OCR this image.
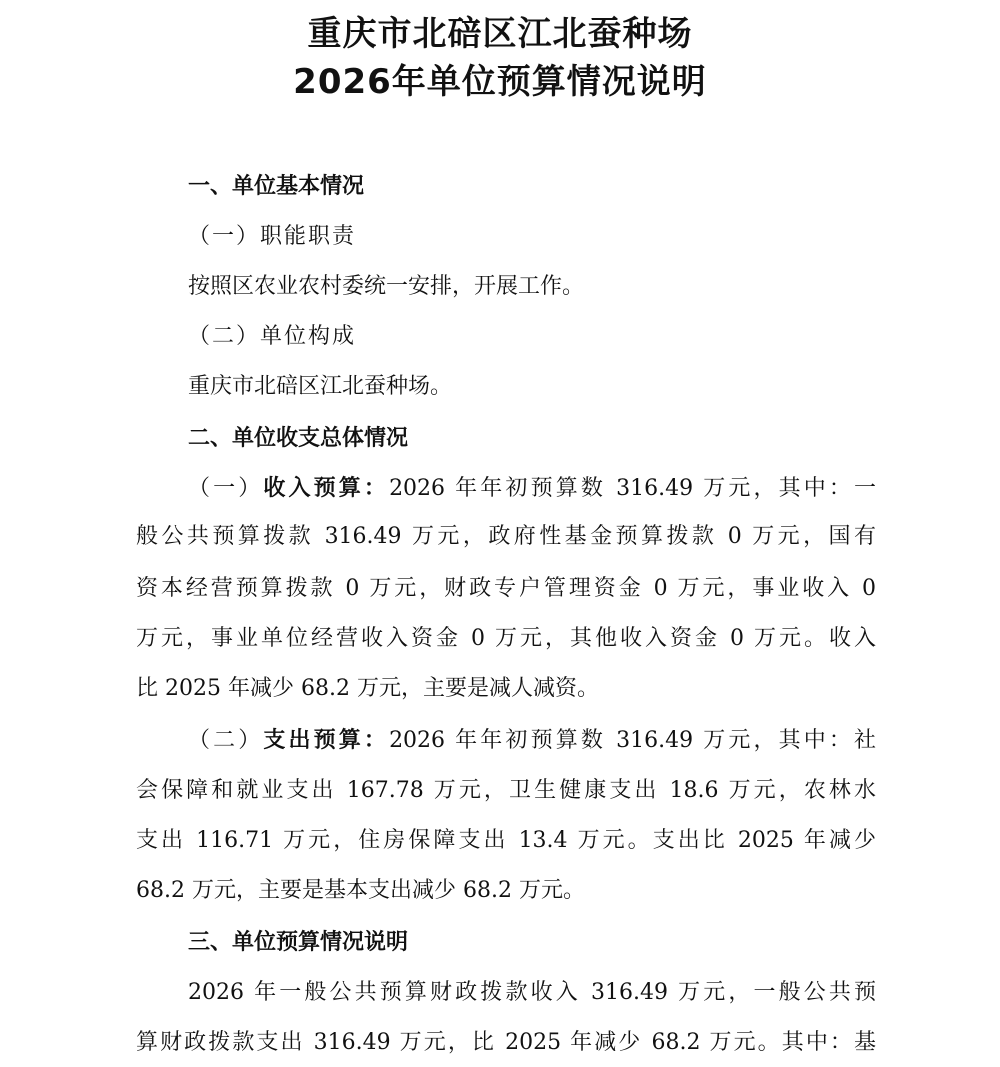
重庆市北碚区江北蚕种场
2026年单位预算情况说明
一、单位基本情况
（一）职能职责
按照区农业农村委统一安排，开展工作。
（二）单位构成
重庆市北碚区江北蚕种场。
二、单位收支总体情况
（一）收入预算：2026 年年初预算数 316.49 万元，其中：一
般公共预算拨款 316.49 万元，政府性基金预算拨款 0 万元，国有
资本经营预算拨款 0 万元，财政专户管理资金 0 万元，事业收入 0
万元，事业单位经营收入资金 0 万元，其他收入资金 0 万元。收入
比 2025 年减少 68.2 万元，主要是减人减资。
（二）支出预算：2026 年年初预算数 316.49 万元，其中：社
会保障和就业支出 167.78 万元，卫生健康支出 18.6 万元，农林水
支出 116.71 万元，住房保障支出 13.4 万元。支出比 2025 年减少
68.2 万元，主要是基本支出减少 68.2 万元。
三、单位预算情况说明
2026 年一般公共预算财政拨款收入 316.49 万元，一般公共预
算财政拨款支出 316.49 万元，比 2025 年减少 68.2 万元。其中：基
